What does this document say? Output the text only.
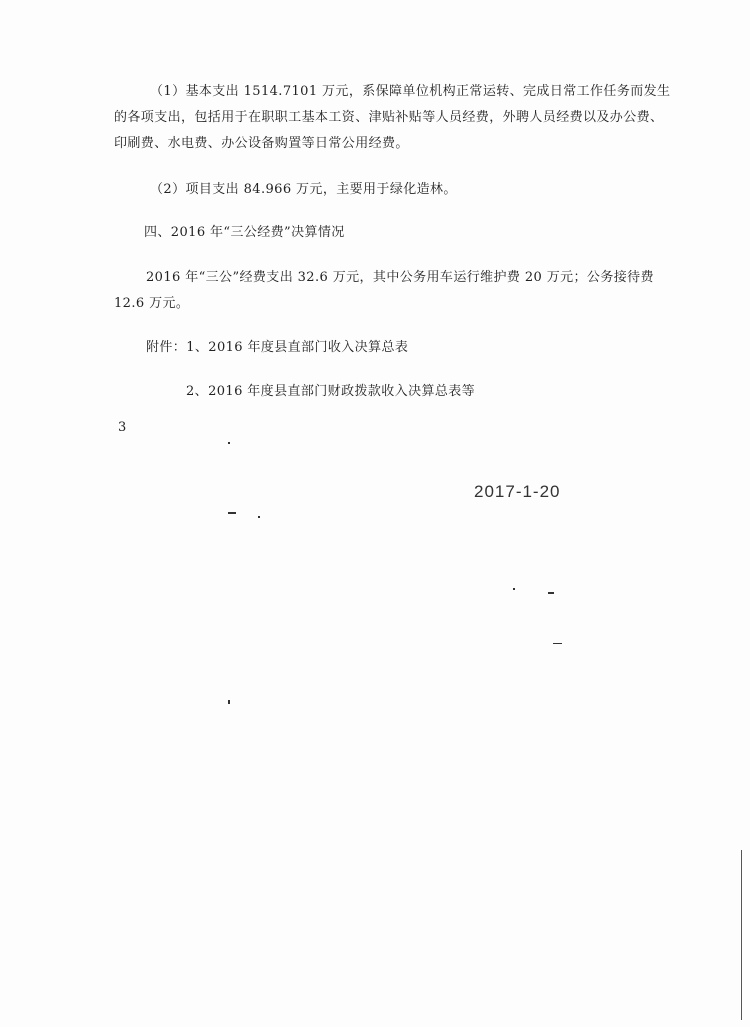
（1）基本支出 1514.7101 万元，系保障单位机构正常运转、完成日常工作任务而发生
的各项支出，包括用于在职职工基本工资、津贴补贴等人员经费，外聘人员经费以及办公费、
印刷费、水电费、办公设备购置等日常公用经费。
（2）项目支出 84.966 万元，主要用于绿化造林。
四、2016 年“三公经费”决算情况
2016 年“三公”经费支出 32.6 万元，其中公务用车运行维护费 20 万元；公务接待费
12.6 万元。
附件：1、2016 年度县直部门收入决算总表
2、2016 年度县直部门财政拨款收入决算总表等
3
2017-1-20
